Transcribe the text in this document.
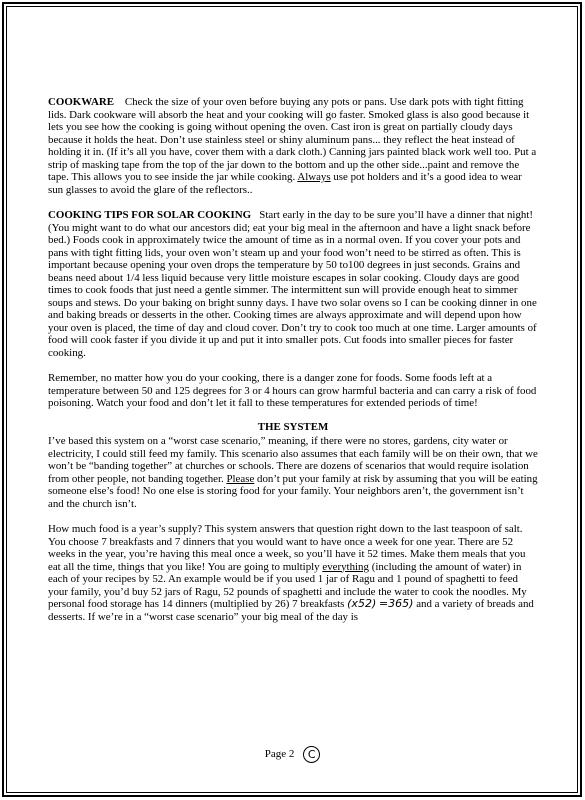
COOKWARE Check the size of your oven before buying any pots or pans. Use dark pots with tight fitting lids. Dark cookware will absorb the heat and your cooking will go faster. Smoked glass is also good because it lets you see how the cooking is going without opening the oven. Cast iron is great on partially cloudy days because it holds the heat. Don’t use stainless steel or shiny aluminum pans... they reflect the heat instead of holding it in. (If it’s all you have, cover them with a dark cloth.) Canning jars painted black work well too. Put a strip of masking tape from the top of the jar down to the bottom and up the other side...paint and remove the tape. This allows you to see inside the jar while cooking. Always use pot holders and it’s a good idea to wear sun glasses to avoid the glare of the reflectors..

COOKING TIPS FOR SOLAR COOKING Start early in the day to be sure you’ll have a dinner that night! (You might want to do what our ancestors did; eat your big meal in the afternoon and have a light snack before bed.) Foods cook in approximately twice the amount of time as in a normal oven. If you cover your pots and pans with tight fitting lids, your oven won’t steam up and your food won’t need to be stirred as often. This is important because opening your oven drops the temperature by 50 to100 degrees in just seconds. Grains and beans need about 1/4 less liquid because very little moisture escapes in solar cooking. Cloudy days are good times to cook foods that just need a gentle simmer. The intermittent sun will provide enough heat to simmer soups and stews. Do your baking on bright sunny days. I have two solar ovens so I can be cooking dinner in one and baking breads or desserts in the other. Cooking times are always approximate and will depend upon how your oven is placed, the time of day and cloud cover. Don’t try to cook too much at one time. Larger amounts of food will cook faster if you divide it up and put it into smaller pots. Cut foods into smaller pieces for faster cooking.

Remember, no matter how you do your cooking, there is a danger zone for foods. Some foods left at a temperature between 50 and 125 degrees for 3 or 4 hours can grow harmful bacteria and can carry a risk of food poisoning. Watch your food and don’t let it fall to these temperatures for extended periods of time!

THE SYSTEM

I’ve based this system on a “worst case scenario,” meaning, if there were no stores, gardens, city water or electricity, I could still feed my family. This scenario also assumes that each family will be on their own, that we won’t be “banding together” at churches or schools. There are dozens of scenarios that would require isolation from other people, not banding together. Please don’t put your family at risk by assuming that you will be eating someone else’s food! No one else is storing food for your family. Your neighbors aren’t, the government isn’t and the church isn’t.

How much food is a year’s supply? This system answers that question right down to the last teaspoon of salt. You choose 7 breakfasts and 7 dinners that you would want to have once a week for one year. There are 52 weeks in the year, you’re having this meal once a week, so you’ll have it 52 times. Make them meals that you eat all the time, things that you like! You are going to multiply everything (including the amount of water) in each of your recipes by 52. An example would be if you used 1 jar of Ragu and 1 pound of spaghetti to feed your family, you’d buy 52 jars of Ragu, 52 pounds of spaghetti and include the water to cook the noodles. My personal food storage has 14 dinners (multiplied by 26) 7 breakfasts (x52) =365) and a variety of breads and desserts. If we’re in a “worst case scenario” your big meal of the day is

Page 2 C
